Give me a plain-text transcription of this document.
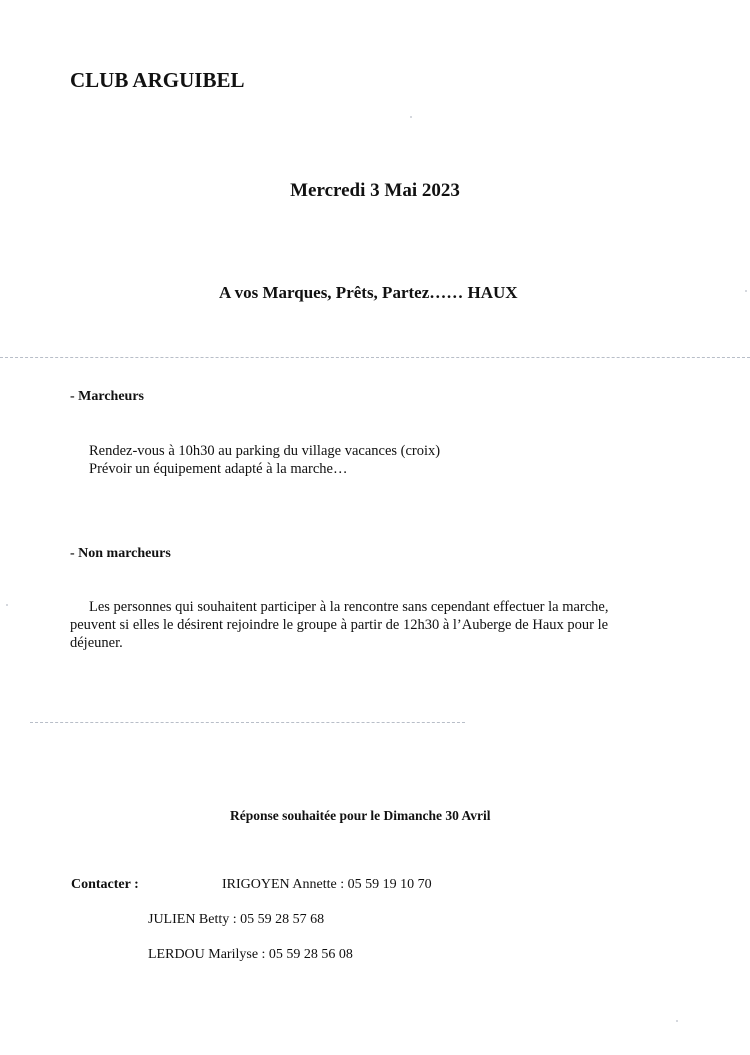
CLUB ARGUIBEL
Mercredi 3 Mai 2023
A vos Marques, Prêts, Partez…… HAUX
- Marcheurs
Rendez-vous à 10h30 au parking du village vacances (croix)
Prévoir un équipement adapté à la marche…
- Non marcheurs
Les personnes qui souhaitent participer à la rencontre sans cependant effectuer la marche,
peuvent si elles le désirent rejoindre le groupe à partir de 12h30 à l’Auberge de Haux pour le
déjeuner.
Réponse souhaitée pour le Dimanche 30 Avril
Contacter :	IRIGOYEN Annette : 05 59 19 10 70
JULIEN Betty : 05 59 28 57 68
LERDOU Marilyse : 05 59 28 56 08
